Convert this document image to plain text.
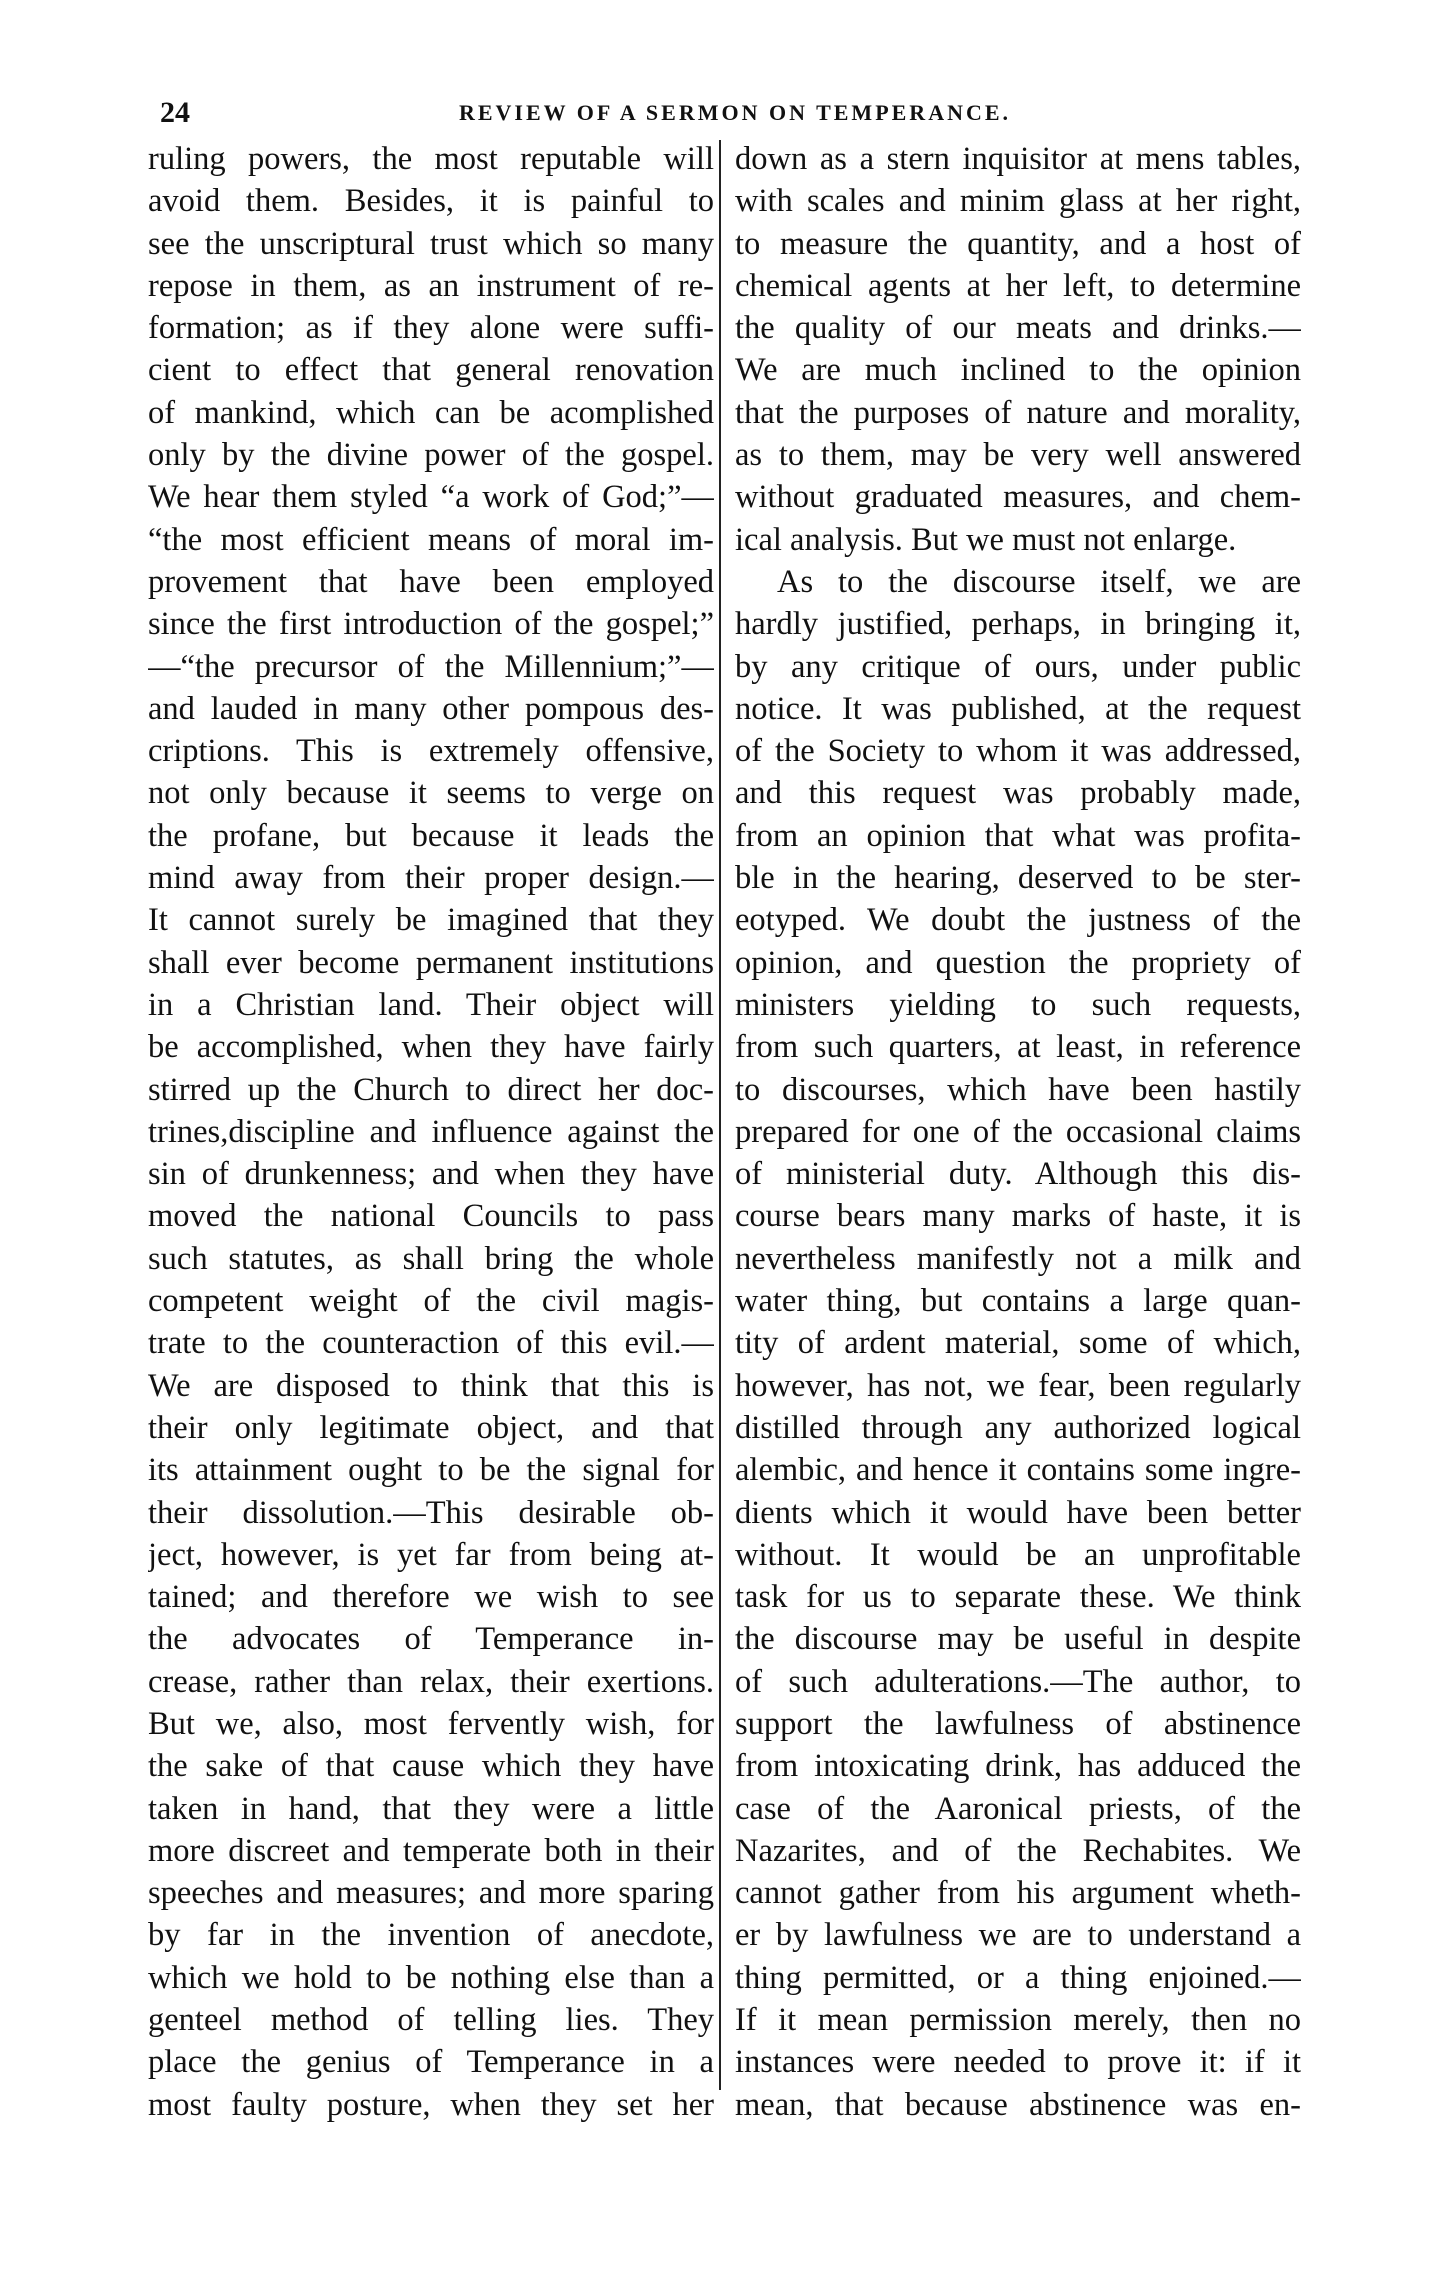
24	REVIEW OF A SERMON ON TEMPERANCE.
ruling powers, the most reputable will
avoid them. Besides, it is painful to
see the unscriptural trust which so many
repose in them, as an instrument of re-
formation; as if they alone were suffi-
cient to effect that general renovation
of mankind, which can be acomplished
only by the divine power of the gospel.
We hear them styled “a work of God;”—
“the most efficient means of moral im-
provement that have been employed
since the first introduction of the gospel;”
—“the precursor of the Millennium;”—
and lauded in many other pompous des-
criptions. This is extremely offensive,
not only because it seems to verge on
the profane, but because it leads the
mind away from their proper design.—
It cannot surely be imagined that they
shall ever become permanent institutions
in a Christian land. Their object will
be accomplished, when they have fairly
stirred up the Church to direct her doc-
trines,discipline and influence against the
sin of drunkenness; and when they have
moved the national Councils to pass
such statutes, as shall bring the whole
competent weight of the civil magis-
trate to the counteraction of this evil.—
We are disposed to think that this is
their only legitimate object, and that
its attainment ought to be the signal for
their dissolution.—This desirable ob-
ject, however, is yet far from being at-
tained; and therefore we wish to see
the advocates of Temperance in-
crease, rather than relax, their exertions.
But we, also, most fervently wish, for
the sake of that cause which they have
taken in hand, that they were a little
more discreet and temperate both in their
speeches and measures; and more sparing
by far in the invention of anecdote,
which we hold to be nothing else than a
genteel method of telling lies. They
place the genius of Temperance in a
most faulty posture, when they set her
down as a stern inquisitor at mens tables,
with scales and minim glass at her right,
to measure the quantity, and a host of
chemical agents at her left, to determine
the quality of our meats and drinks.—
We are much inclined to the opinion
that the purposes of nature and morality,
as to them, may be very well answered
without graduated measures, and chem-
ical analysis. But we must not enlarge.
As to the discourse itself, we are
hardly justified, perhaps, in bringing it,
by any critique of ours, under public
notice. It was published, at the request
of the Society to whom it was addressed,
and this request was probably made,
from an opinion that what was profita-
ble in the hearing, deserved to be ster-
eotyped. We doubt the justness of the
opinion, and question the propriety of
ministers yielding to such requests,
from such quarters, at least, in reference
to discourses, which have been hastily
prepared for one of the occasional claims
of ministerial duty. Although this dis-
course bears many marks of haste, it is
nevertheless manifestly not a milk and
water thing, but contains a large quan-
tity of ardent material, some of which,
however, has not, we fear, been regularly
distilled through any authorized logical
alembic, and hence it contains some ingre-
dients which it would have been better
without. It would be an unprofitable
task for us to separate these. We think
the discourse may be useful in despite
of such adulterations.—The author, to
support the lawfulness of abstinence
from intoxicating drink, has adduced the
case of the Aaronical priests, of the
Nazarites, and of the Rechabites. We
cannot gather from his argument wheth-
er by lawfulness we are to understand a
thing permitted, or a thing enjoined.—
If it mean permission merely, then no
instances were needed to prove it: if it
mean, that because abstinence was en-
